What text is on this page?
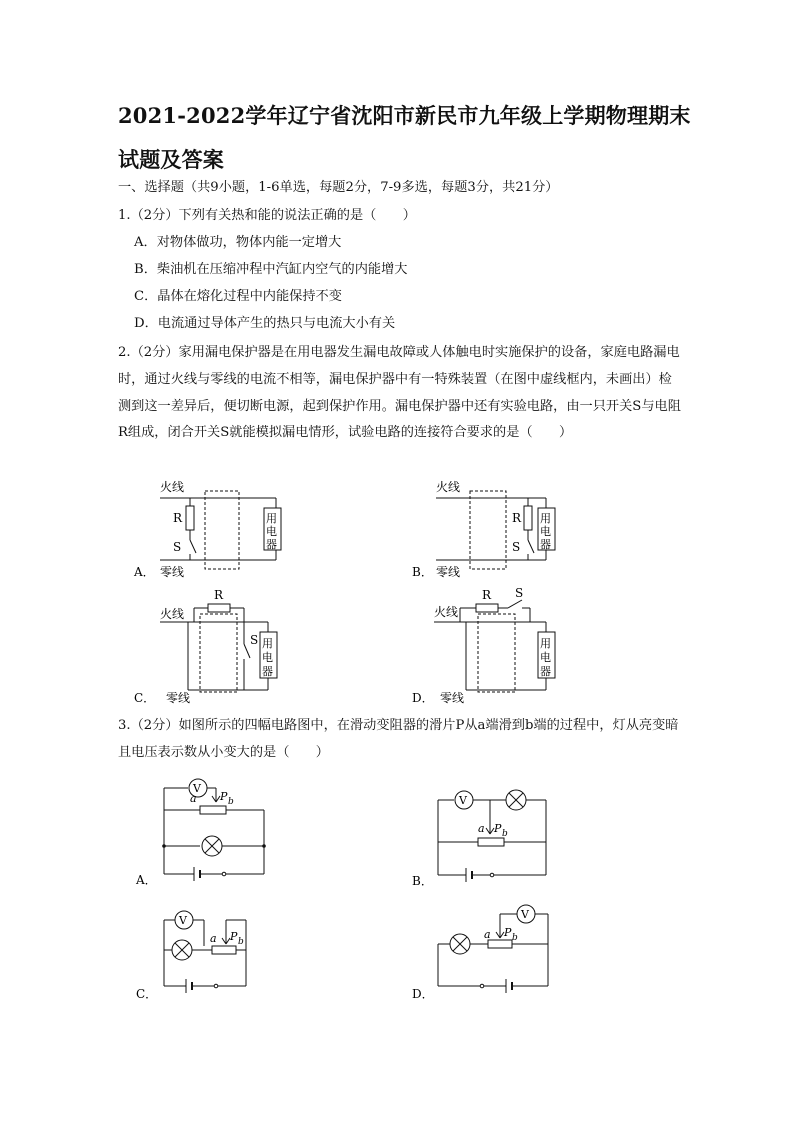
2021-2022学年辽宁省沈阳市新民市九年级上学期物理期末试题及答案
一、选择题（共9小题，1-6单选，每题2分，7-9多选，每题3分，共21分）
1.（2分）下列有关热和能的说法正确的是（　　）
A．对物体做功，物体内能一定增大
B．柴油机在压缩冲程中汽缸内空气的内能增大
C．晶体在熔化过程中内能保持不变
D．电流通过导体产生的热只与电流大小有关
2.（2分）家用漏电保护器是在用电器发生漏电故障或人体触电时实施保护的设备，家庭电路漏电时，通过火线与零线的电流不相等，漏电保护器中有一特殊装置（在图中虚线框内，未画出）检测到这一差异后，便切断电源，起到保护作用。漏电保护器中还有实验电路，由一只开关S与电阻R组成，闭合开关S就能模拟漏电情形，试验电路的连接符合要求的是（　　）
火线
A． 零线
R
S
用
电
器
火线
B． 零线
R
S
用
电
器
火线
C． 零线
R
S 用
电
器
火线
D． 零线
R S
用
电
器
3.（2分）如图所示的四幅电路图中，在滑动变阻器的滑片P从a端滑到b端的过程中，灯从亮变暗且电压表示数从小变大的是（　　）
A．
V
a P b
B．
V
a P b
C．
V
a P b
D．
V
a P b
